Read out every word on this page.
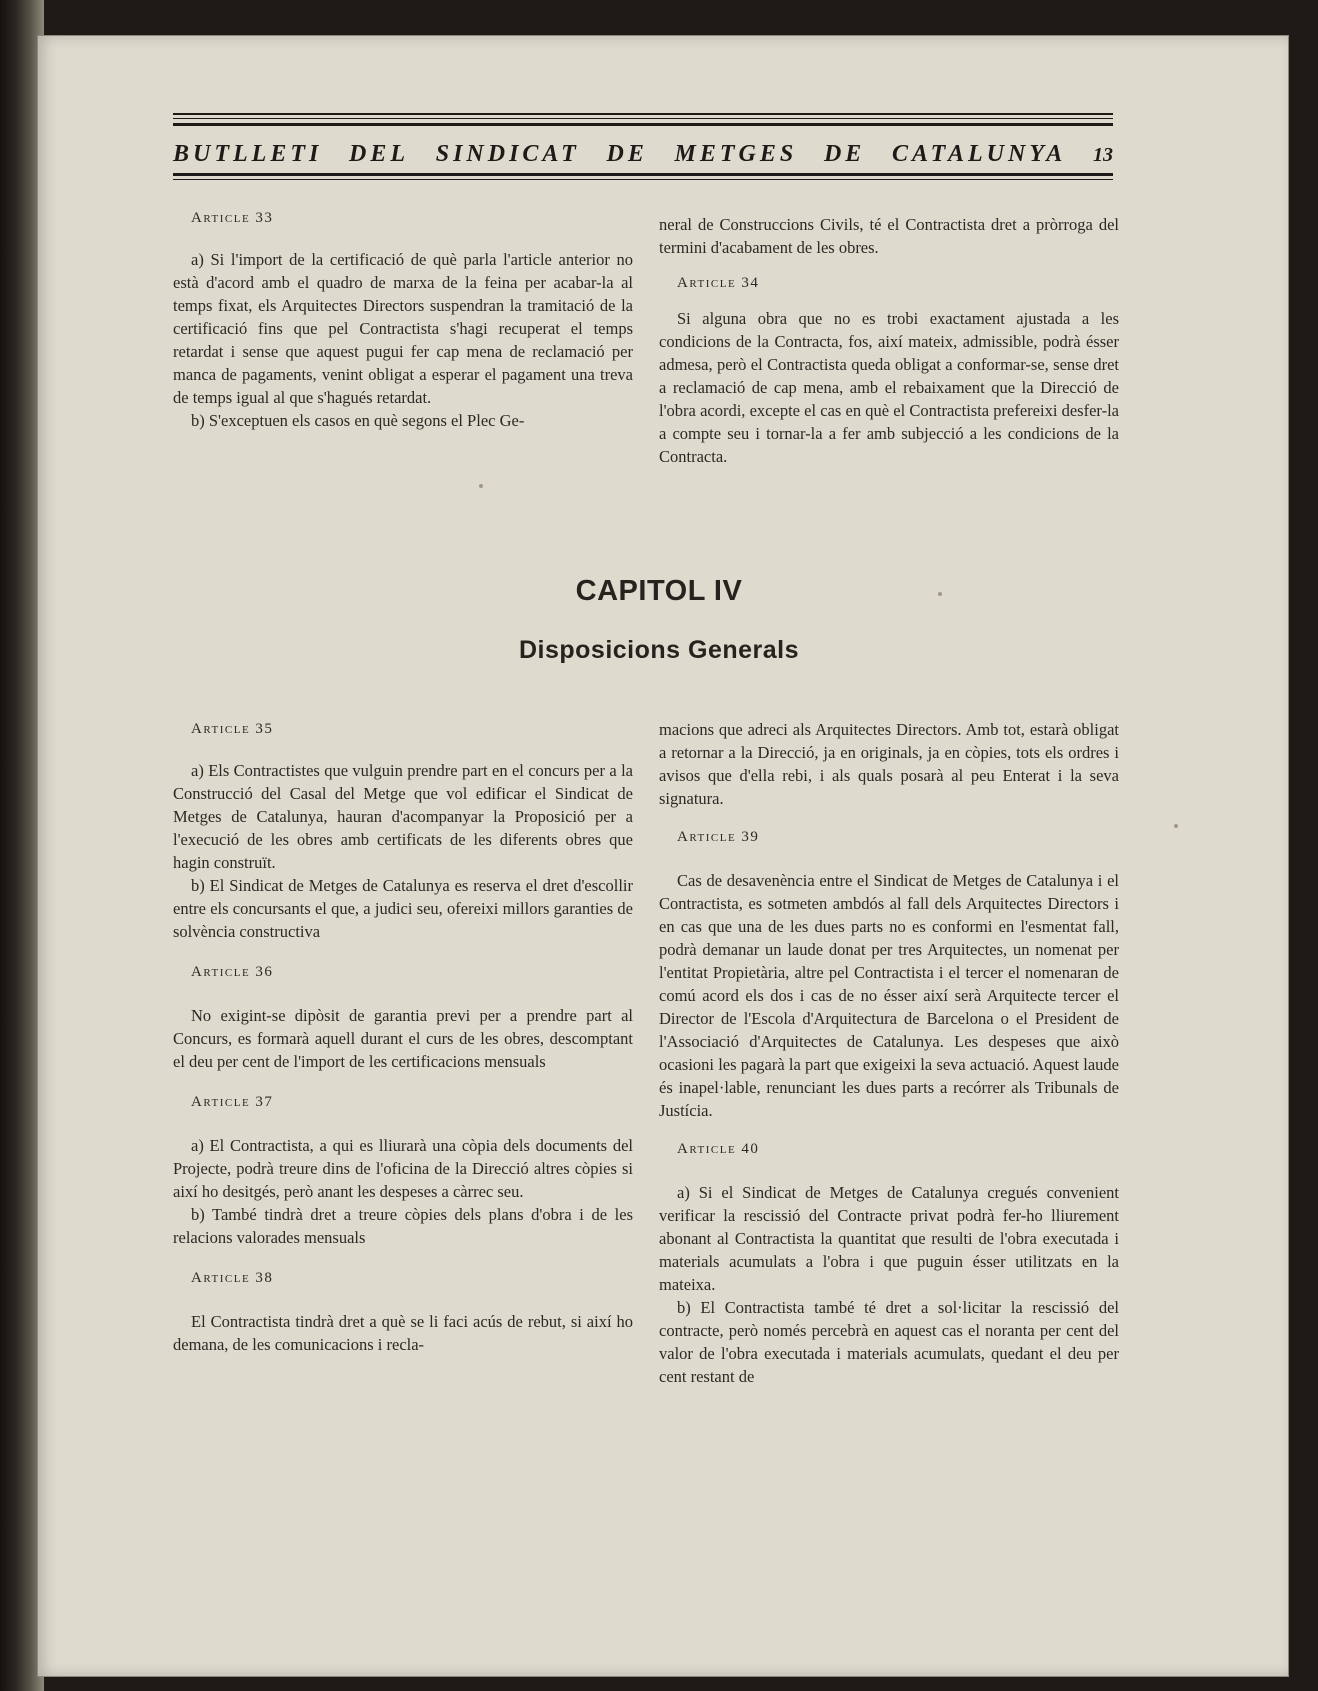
BUTLLETI DEL SINDICAT DE METGES DE CATALUNYA 13

Article 33

a) Si l'import de la certificació de què parla l'article anterior no està d'acord amb el quadro de marxa de la feina per acabar-la al temps fixat, els Arquitectes Directors suspendran la tramitació de la certificació fins que pel Contractista s'hagi recuperat el temps retardat i sense que aquest pugui fer cap mena de reclamació per manca de pagaments, venint obligat a esperar el pagament una treva de temps igual al que s'hagués retardat.

b) S'exceptuen els casos en què segons el Plec Ge-

neral de Construccions Civils, té el Contractista dret a pròrroga del termini d'acabament de les obres.

Article 34

Si alguna obra que no es trobi exactament ajustada a les condicions de la Contracta, fos, així mateix, admissible, podrà ésser admesa, però el Contractista queda obligat a conformar-se, sense dret a reclamació de cap mena, amb el rebaixament que la Direcció de l'obra acordi, excepte el cas en què el Contractista prefereixi desfer-la a compte seu i tornar-la a fer amb subjecció a les condicions de la Contracta.

CAPITOL IV
Disposicions Generals

Article 35

a) Els Contractistes que vulguin prendre part en el concurs per a la Construcció del Casal del Metge que vol edificar el Sindicat de Metges de Catalunya, hauran d'acompanyar la Proposició per a l'execució de les obres amb certificats de les diferents obres que hagin construït.

b) El Sindicat de Metges de Catalunya es reserva el dret d'escollir entre els concursants el que, a judici seu, ofereixi millors garanties de solvència constructiva

Article 36

No exigint-se dipòsit de garantia previ per a prendre part al Concurs, es formarà aquell durant el curs de les obres, descomptant el deu per cent de l'import de les certificacions mensuals

Article 37

a) El Contractista, a qui es lliurarà una còpia dels documents del Projecte, podrà treure dins de l'oficina de la Direcció altres còpies si així ho desitgés, però anant les despeses a càrrec seu.

b) També tindrà dret a treure còpies dels plans d'obra i de les relacions valorades mensuals

Article 38

El Contractista tindrà dret a què se li faci acús de rebut, si així ho demana, de les comunicacions i recla-

macions que adreci als Arquitectes Directors. Amb tot, estarà obligat a retornar a la Direcció, ja en originals, ja en còpies, tots els ordres i avisos que d'ella rebi, i als quals posarà al peu Enterat i la seva signatura.

Article 39

Cas de desavenència entre el Sindicat de Metges de Catalunya i el Contractista, es sotmeten ambdós al fall dels Arquitectes Directors i en cas que una de les dues parts no es conformi en l'esmentat fall, podrà demanar un laude donat per tres Arquitectes, un nomenat per l'entitat Propietària, altre pel Contractista i el tercer el nomenaran de comú acord els dos i cas de no ésser així serà Arquitecte tercer el Director de l'Escola d'Arquitectura de Barcelona o el President de l'Associació d'Arquitectes de Catalunya. Les despeses que això ocasioni les pagarà la part que exigeixi la seva actuació. Aquest laude és inapel·lable, renunciant les dues parts a recórrer als Tribunals de Justícia.

Article 40

a) Si el Sindicat de Metges de Catalunya cregués convenient verificar la rescissió del Contracte privat podrà fer-ho lliurement abonant al Contractista la quantitat que resulti de l'obra executada i materials acumulats a l'obra i que puguin ésser utilitzats en la mateixa.

b) El Contractista també té dret a sol·licitar la rescissió del contracte, però només percebrà en aquest cas el noranta per cent del valor de l'obra executada i materials acumulats, quedant el deu per cent restant de
